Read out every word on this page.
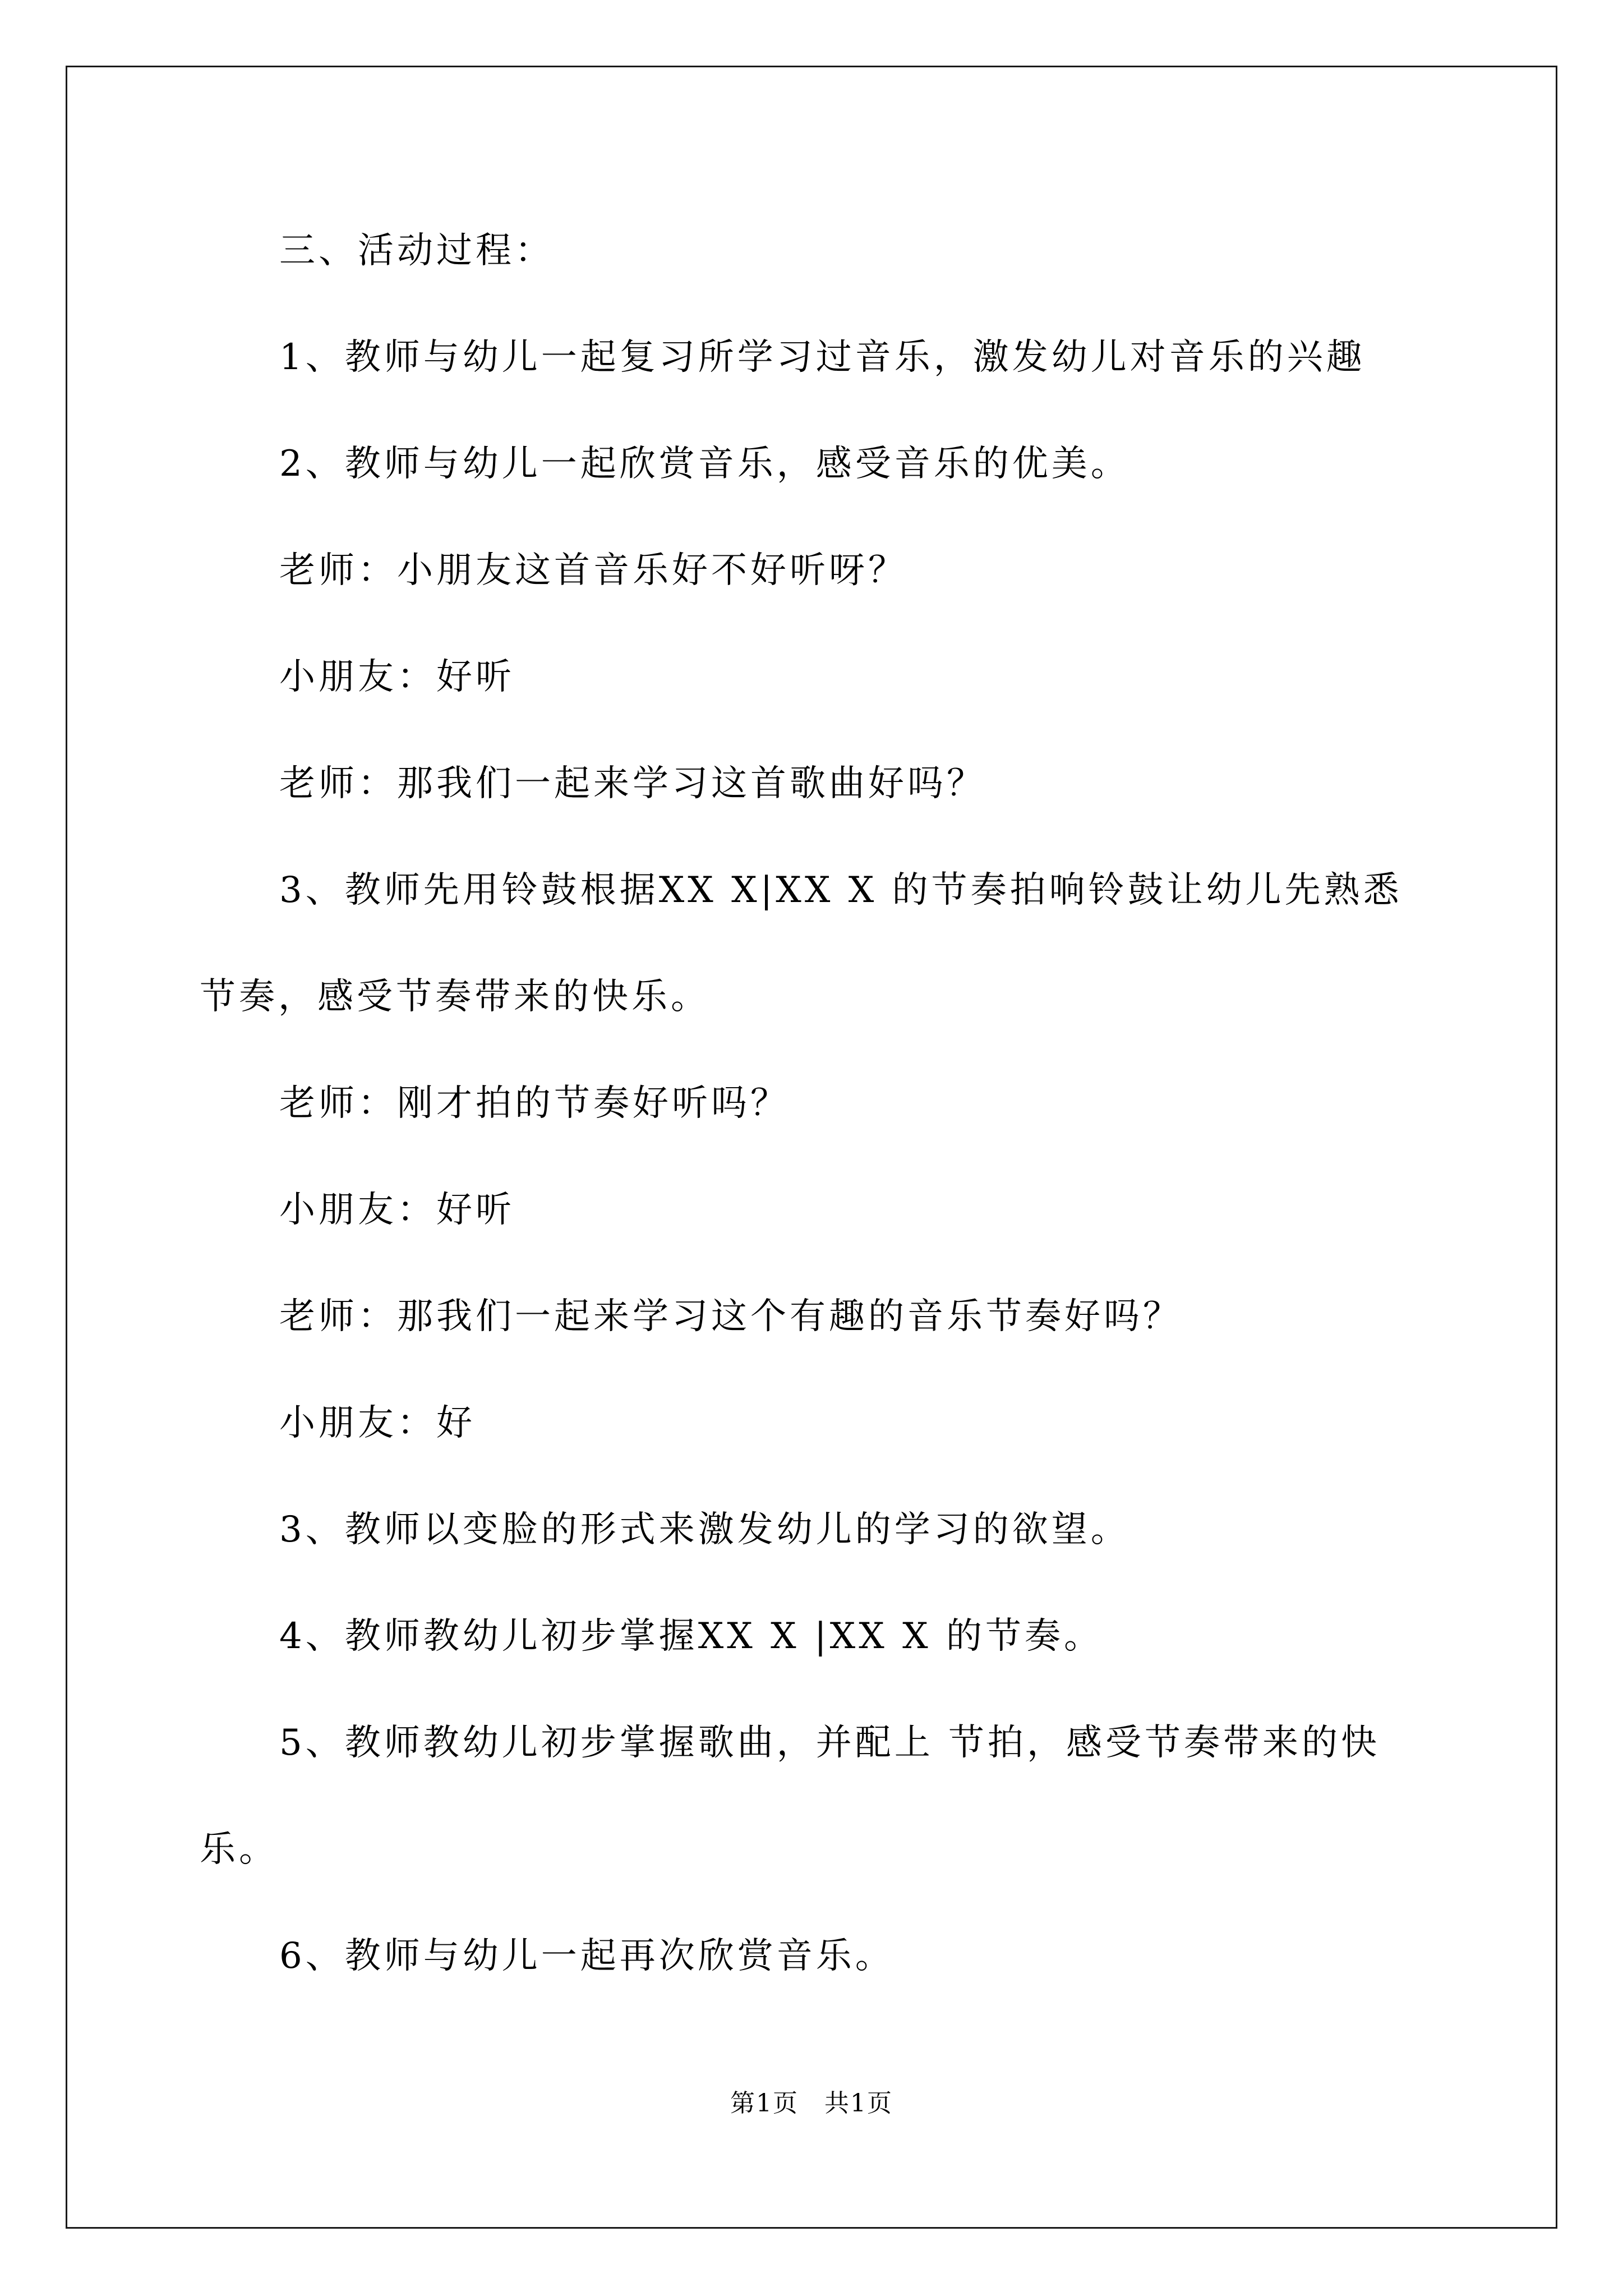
三、活动过程：
1、教师与幼儿一起复习所学习过音乐，激发幼儿对音乐的兴趣
2、教师与幼儿一起欣赏音乐，感受音乐的优美。
老师：小朋友这首音乐好不好听呀？
小朋友：好听
老师：那我们一起来学习这首歌曲好吗？
3、教师先用铃鼓根据XX X|XX X 的节奏拍响铃鼓让幼儿先熟悉
节奏，感受节奏带来的快乐。
老师：刚才拍的节奏好听吗？
小朋友：好听
老师：那我们一起来学习这个有趣的音乐节奏好吗？
小朋友：好
3、教师以变脸的形式来激发幼儿的学习的欲望。
4、教师教幼儿初步掌握XX X |XX X 的节奏。
5、教师教幼儿初步掌握歌曲，并配上 节拍，感受节奏带来的快
乐。
6、教师与幼儿一起再次欣赏音乐。
第1页　共1页
